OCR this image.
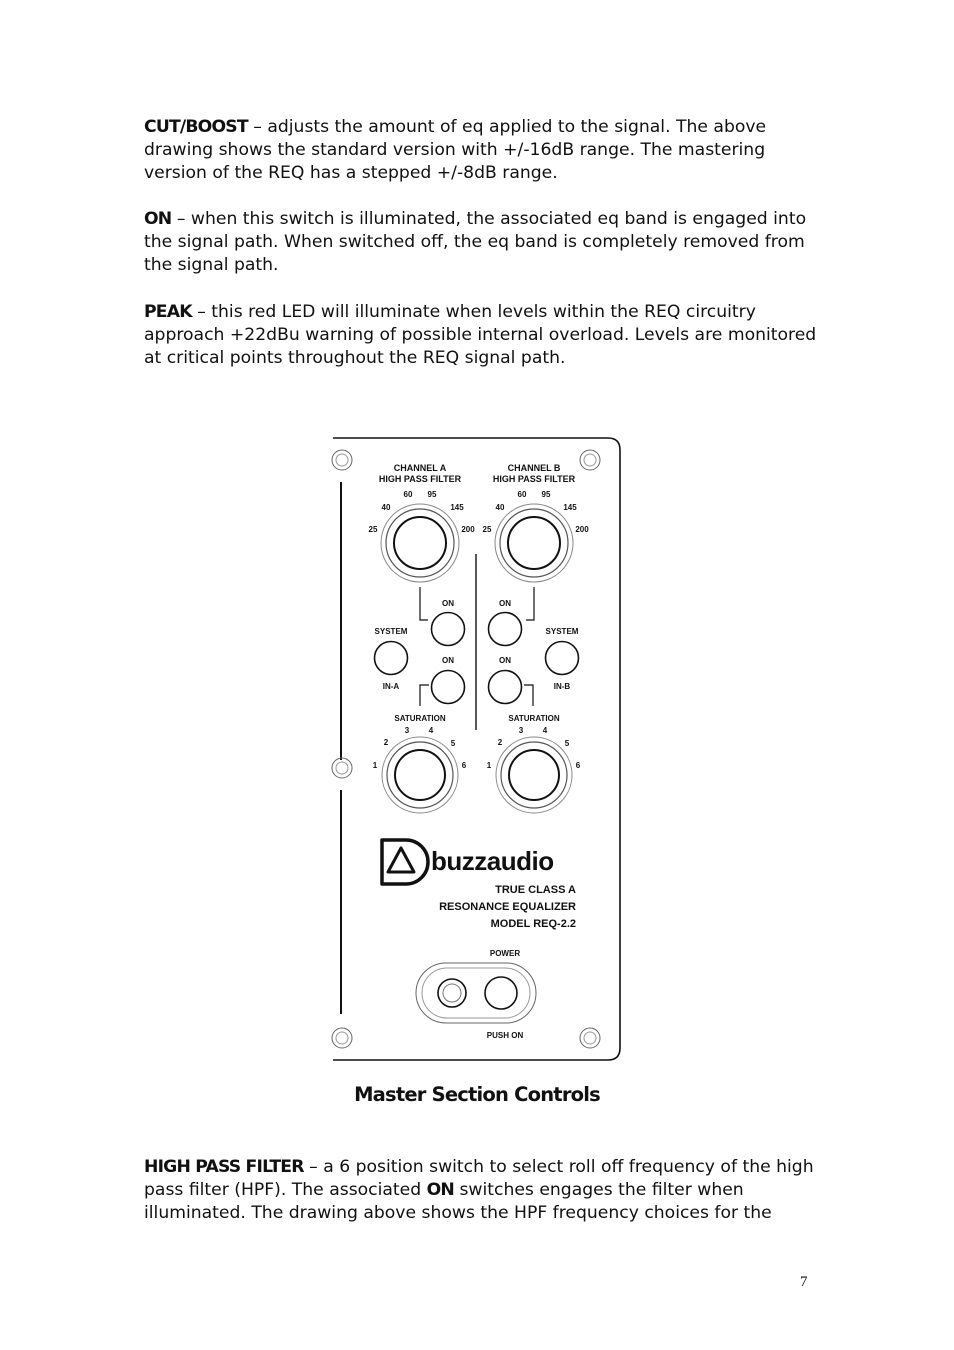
CUT/BOOST – adjusts the amount of eq applied to the signal. The above drawing shows the standard version with +/-16dB range. The mastering version of the REQ has a stepped +/-8dB range.
ON – when this switch is illuminated, the associated eq band is engaged into the signal path. When switched off, the eq band is completely removed from the signal path.
PEAK – this red LED will illuminate when levels within the REQ circuitry approach +22dBu warning of possible internal overload. Levels are monitored at critical points throughout the REQ signal path.
CHANNEL A
HIGH PASS FILTER
CHANNEL B
HIGH PASS FILTER
25
40
60 95
145
200 25
40
60 95
145
200
ON
SYSTEM
IN-A
ON
ON
SYSTEM
IN-B
ON
SATURATION
1
2
3 4
5
6
SATURATION
1
2
3 4
5
6
buzzaudio
TRUE CLASS A
RESONANCE EQUALIZER
MODEL REQ-2.2
POWER
PUSH ON
Master Section Controls
HIGH PASS FILTER – a 6 position switch to select roll off frequency of the high pass filter (HPF). The associated ON switches engages the filter when illuminated. The drawing above shows the HPF frequency choices for the
7
